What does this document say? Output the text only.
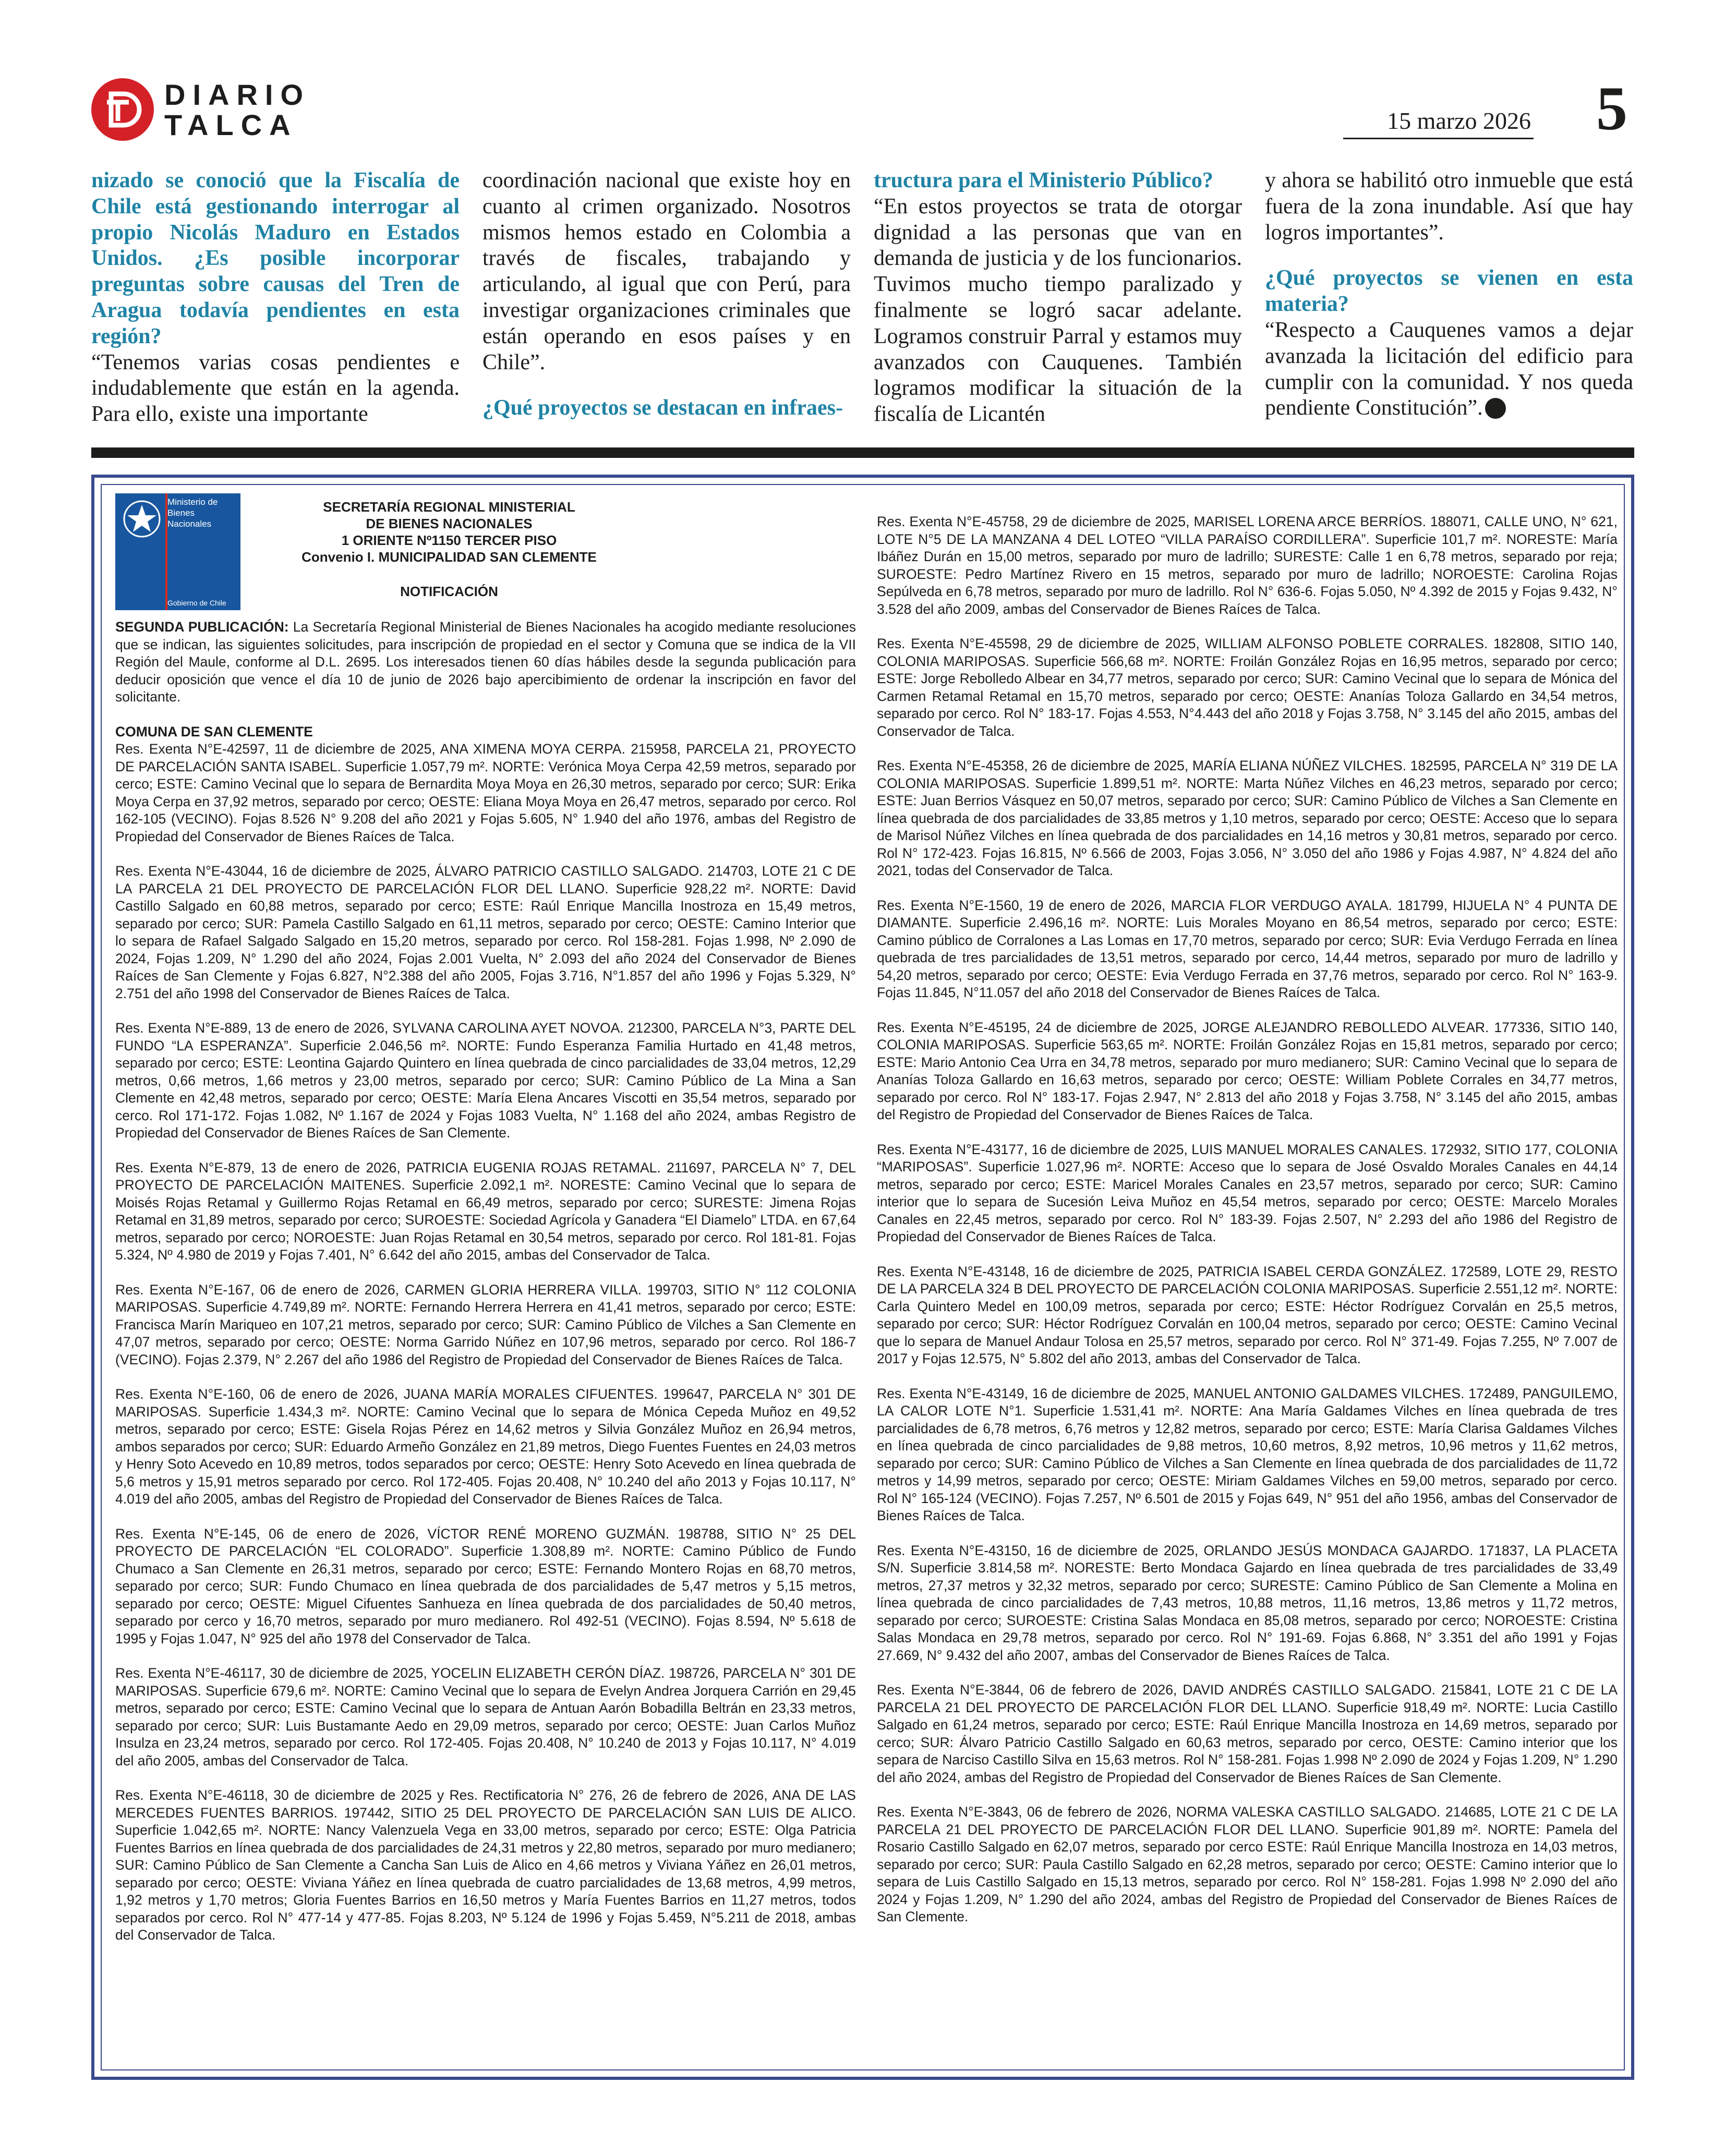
DIARIO
TALCA	15 marzo 2026 5

nizado se conoció que la Fiscalía de Chile está gestionando interrogar al propio Nicolás Maduro en Estados Unidos. ¿Es posible incorporar preguntas sobre causas del Tren de Aragua todavía pendientes en esta región?

“Tenemos varias cosas pendientes e indudablemente que están en la agenda. Para ello, existe una importante

coordinación nacional que existe hoy en cuanto al crimen organizado. Nosotros mismos hemos estado en Colombia a través de fiscales, trabajando y articulando, al igual que con Perú, para investigar organizaciones criminales que están operando en esos países y en Chile”.

¿Qué proyectos se destacan en infraes-

tructura para el Ministerio Público?

“En estos proyectos se trata de otorgar dignidad a las personas que van en demanda de justicia y de los funcionarios. Tuvimos mucho tiempo paralizado y finalmente se logró sacar adelante. Logramos construir Parral y estamos muy avanzados con Cauquenes. También logramos modificar la situación de la fiscalía de Licantén

y ahora se habilitó otro inmueble que está fuera de la zona inundable. Así que hay logros importantes”.

¿Qué proyectos se vienen en esta materia?

“Respecto a Cauquenes vamos a dejar avanzada la licitación del edificio para cumplir con la comunidad. Y nos queda pendiente Constitución”.

Ministerio de Bienes Nacionales
Gobierno de Chile
SECRETARÍA REGIONAL MINISTERIAL
DE BIENES NACIONALES
1 ORIENTE Nº1150 TERCER PISO
Convenio I. MUNICIPALIDAD SAN CLEMENTE
NOTIFICACIÓN

SEGUNDA PUBLICACIÓN: La Secretaría Regional Ministerial de Bienes Nacionales ha acogido mediante resoluciones que se indican, las siguientes solicitudes, para inscripción de propiedad en el sector y Comuna que se indica de la VII Región del Maule, conforme al D.L. 2695. Los interesados tienen 60 días hábiles desde la segunda publicación para deducir oposición que vence el día 10 de junio de 2026 bajo apercibimiento de ordenar la inscripción en favor del solicitante.

COMUNA DE SAN CLEMENTE

Res. Exenta N°E-42597, 11 de diciembre de 2025, ANA XIMENA MOYA CERPA. 215958, PARCELA 21, PROYECTO DE PARCELACIÓN SANTA ISABEL. Superficie 1.057,79 m². NORTE: Verónica Moya Cerpa 42,59 metros, separado por cerco; ESTE: Camino Vecinal que lo separa de Bernardita Moya Moya en 26,30 metros, separado por cerco; SUR: Erika Moya Cerpa en 37,92 metros, separado por cerco; OESTE: Eliana Moya Moya en 26,47 metros, separado por cerco. Rol 162-105 (VECINO). Fojas 8.526 N° 9.208 del año 2021 y Fojas 5.605, N° 1.940 del año 1976, ambas del Registro de Propiedad del Conservador de Bienes Raíces de Talca.

Res. Exenta N°E-43044, 16 de diciembre de 2025, ÁLVARO PATRICIO CASTILLO SALGADO. 214703, LOTE 21 C DE LA PARCELA 21 DEL PROYECTO DE PARCELACIÓN FLOR DEL LLANO. Superficie 928,22 m². NORTE: David Castillo Salgado en 60,88 metros, separado por cerco; ESTE: Raúl Enrique Mancilla Inostroza en 15,49 metros, separado por cerco; SUR: Pamela Castillo Salgado en 61,11 metros, separado por cerco; OESTE: Camino Interior que lo separa de Rafael Salgado Salgado en 15,20 metros, separado por cerco. Rol 158-281. Fojas 1.998, Nº 2.090 de 2024, Fojas 1.209, N° 1.290 del año 2024, Fojas 2.001 Vuelta, N° 2.093 del año 2024 del Conservador de Bienes Raíces de San Clemente y Fojas 6.827, N°2.388 del año 2005, Fojas 3.716, N°1.857 del año 1996 y Fojas 5.329, N° 2.751 del año 1998 del Conservador de Bienes Raíces de Talca.

Res. Exenta N°E-889, 13 de enero de 2026, SYLVANA CAROLINA AYET NOVOA. 212300, PARCELA N°3, PARTE DEL FUNDO “LA ESPERANZA”. Superficie 2.046,56 m². NORTE: Fundo Esperanza Familia Hurtado en 41,48 metros, separado por cerco; ESTE: Leontina Gajardo Quintero en línea quebrada de cinco parcialidades de 33,04 metros, 12,29 metros, 0,66 metros, 1,66 metros y 23,00 metros, separado por cerco; SUR: Camino Público de La Mina a San Clemente en 42,48 metros, separado por cerco; OESTE: María Elena Ancares Viscotti en 35,54 metros, separado por cerco. Rol 171-172. Fojas 1.082, Nº 1.167 de 2024 y Fojas 1083 Vuelta, N° 1.168 del año 2024, ambas Registro de Propiedad del Conservador de Bienes Raíces de San Clemente.

Res. Exenta N°E-879, 13 de enero de 2026, PATRICIA EUGENIA ROJAS RETAMAL. 211697, PARCELA N° 7, DEL PROYECTO DE PARCELACIÓN MAITENES. Superficie 2.092,1 m². NORESTE: Camino Vecinal que lo separa de Moisés Rojas Retamal y Guillermo Rojas Retamal en 66,49 metros, separado por cerco; SURESTE: Jimena Rojas Retamal en 31,89 metros, separado por cerco; SUROESTE: Sociedad Agrícola y Ganadera “El Diamelo” LTDA. en 67,64 metros, separado por cerco; NOROESTE: Juan Rojas Retamal en 30,54 metros, separado por cerco. Rol 181-81. Fojas 5.324, Nº 4.980 de 2019 y Fojas 7.401, N° 6.642 del año 2015, ambas del Conservador de Talca.

Res. Exenta N°E-167, 06 de enero de 2026, CARMEN GLORIA HERRERA VILLA. 199703, SITIO N° 112 COLONIA MARIPOSAS. Superficie 4.749,89 m². NORTE: Fernando Herrera Herrera en 41,41 metros, separado por cerco; ESTE: Francisca Marín Mariqueo en 107,21 metros, separado por cerco; SUR: Camino Público de Vilches a San Clemente en 47,07 metros, separado por cerco; OESTE: Norma Garrido Núñez en 107,96 metros, separado por cerco. Rol 186-7 (VECINO). Fojas 2.379, N° 2.267 del año 1986 del Registro de Propiedad del Conservador de Bienes Raíces de Talca.

Res. Exenta N°E-160, 06 de enero de 2026, JUANA MARÍA MORALES CIFUENTES. 199647, PARCELA N° 301 DE MARIPOSAS. Superficie 1.434,3 m². NORTE: Camino Vecinal que lo separa de Mónica Cepeda Muñoz en 49,52 metros, separado por cerco; ESTE: Gisela Rojas Pérez en 14,62 metros y Silvia González Muñoz en 26,94 metros, ambos separados por cerco; SUR: Eduardo Armeño González en 21,89 metros, Diego Fuentes Fuentes en 24,03 metros y Henry Soto Acevedo en 10,89 metros, todos separados por cerco; OESTE: Henry Soto Acevedo en línea quebrada de 5,6 metros y 15,91 metros separado por cerco. Rol 172-405. Fojas 20.408, N° 10.240 del año 2013 y Fojas 10.117, N° 4.019 del año 2005, ambas del Registro de Propiedad del Conservador de Bienes Raíces de Talca.

Res. Exenta N°E-145, 06 de enero de 2026, VÍCTOR RENÉ MORENO GUZMÁN. 198788, SITIO N° 25 DEL PROYECTO DE PARCELACIÓN “EL COLORADO”. Superficie 1.308,89 m². NORTE: Camino Público de Fundo Chumaco a San Clemente en 26,31 metros, separado por cerco; ESTE: Fernando Montero Rojas en 68,70 metros, separado por cerco; SUR: Fundo Chumaco en línea quebrada de dos parcialidades de 5,47 metros y 5,15 metros, separado por cerco; OESTE: Miguel Cifuentes Sanhueza en línea quebrada de dos parcialidades de 50,40 metros, separado por cerco y 16,70 metros, separado por muro medianero. Rol 492-51 (VECINO). Fojas 8.594, Nº 5.618 de 1995 y Fojas 1.047, N° 925 del año 1978 del Conservador de Talca.

Res. Exenta N°E-46117, 30 de diciembre de 2025, YOCELIN ELIZABETH CERÓN DÍAZ. 198726, PARCELA N° 301 DE MARIPOSAS. Superficie 679,6 m². NORTE: Camino Vecinal que lo separa de Evelyn Andrea Jorquera Carrión en 29,45 metros, separado por cerco; ESTE: Camino Vecinal que lo separa de Antuan Aarón Bobadilla Beltrán en 23,33 metros, separado por cerco; SUR: Luis Bustamante Aedo en 29,09 metros, separado por cerco; OESTE: Juan Carlos Muñoz Insulza en 23,24 metros, separado por cerco. Rol 172-405. Fojas 20.408, N° 10.240 de 2013 y Fojas 10.117, N° 4.019 del año 2005, ambas del Conservador de Talca.

Res. Exenta N°E-46118, 30 de diciembre de 2025 y Res. Rectificatoria N° 276, 26 de febrero de 2026, ANA DE LAS MERCEDES FUENTES BARRIOS. 197442, SITIO 25 DEL PROYECTO DE PARCELACIÓN SAN LUIS DE ALICO. Superficie 1.042,65 m². NORTE: Nancy Valenzuela Vega en 33,00 metros, separado por cerco; ESTE: Olga Patricia Fuentes Barrios en línea quebrada de dos parcialidades de 24,31 metros y 22,80 metros, separado por muro medianero; SUR: Camino Público de San Clemente a Cancha San Luis de Alico en 4,66 metros y Viviana Yáñez en 26,01 metros, separado por cerco; OESTE: Viviana Yáñez en línea quebrada de cuatro parcialidades de 13,68 metros, 4,99 metros, 1,92 metros y 1,70 metros; Gloria Fuentes Barrios en 16,50 metros y María Fuentes Barrios en 11,27 metros, todos separados por cerco. Rol N° 477-14 y 477-85. Fojas 8.203, Nº 5.124 de 1996 y Fojas 5.459, N°5.211 de 2018, ambas del Conservador de Talca.

Res. Exenta N°E-45758, 29 de diciembre de 2025, MARISEL LORENA ARCE BERRÍOS. 188071, CALLE UNO, N° 621, LOTE N°5 DE LA MANZANA 4 DEL LOTEO “VILLA PARAÍSO CORDILLERA”. Superficie 101,7 m². NORESTE: María Ibáñez Durán en 15,00 metros, separado por muro de ladrillo; SURESTE: Calle 1 en 6,78 metros, separado por reja; SUROESTE: Pedro Martínez Rivero en 15 metros, separado por muro de ladrillo; NOROESTE: Carolina Rojas Sepúlveda en 6,78 metros, separado por muro de ladrillo. Rol N° 636-6. Fojas 5.050, Nº 4.392 de 2015 y Fojas 9.432, N° 3.528 del año 2009, ambas del Conservador de Bienes Raíces de Talca.

Res. Exenta N°E-45598, 29 de diciembre de 2025, WILLIAM ALFONSO POBLETE CORRALES. 182808, SITIO 140, COLONIA MARIPOSAS. Superficie 566,68 m². NORTE: Froilán González Rojas en 16,95 metros, separado por cerco; ESTE: Jorge Rebolledo Albear en 34,77 metros, separado por cerco; SUR: Camino Vecinal que lo separa de Mónica del Carmen Retamal Retamal en 15,70 metros, separado por cerco; OESTE: Ananías Toloza Gallardo en 34,54 metros, separado por cerco. Rol N° 183-17. Fojas 4.553, N°4.443 del año 2018 y Fojas 3.758, N° 3.145 del año 2015, ambas del Conservador de Talca.

Res. Exenta N°E-45358, 26 de diciembre de 2025, MARÍA ELIANA NÚÑEZ VILCHES. 182595, PARCELA N° 319 DE LA COLONIA MARIPOSAS. Superficie 1.899,51 m². NORTE: Marta Núñez Vilches en 46,23 metros, separado por cerco; ESTE: Juan Berrios Vásquez en 50,07 metros, separado por cerco; SUR: Camino Público de Vilches a San Clemente en línea quebrada de dos parcialidades de 33,85 metros y 1,10 metros, separado por cerco; OESTE: Acceso que lo separa de Marisol Núñez Vilches en línea quebrada de dos parcialidades en 14,16 metros y 30,81 metros, separado por cerco. Rol N° 172-423. Fojas 16.815, Nº 6.566 de 2003, Fojas 3.056, N° 3.050 del año 1986 y Fojas 4.987, N° 4.824 del año 2021, todas del Conservador de Talca.

Res. Exenta N°E-1560, 19 de enero de 2026, MARCIA FLOR VERDUGO AYALA. 181799, HIJUELA N° 4 PUNTA DE DIAMANTE. Superficie 2.496,16 m². NORTE: Luis Morales Moyano en 86,54 metros, separado por cerco; ESTE: Camino público de Corralones a Las Lomas en 17,70 metros, separado por cerco; SUR: Evia Verdugo Ferrada en línea quebrada de tres parcialidades de 13,51 metros, separado por cerco, 14,44 metros, separado por muro de ladrillo y 54,20 metros, separado por cerco; OESTE: Evia Verdugo Ferrada en 37,76 metros, separado por cerco. Rol N° 163-9. Fojas 11.845, N°11.057 del año 2018 del Conservador de Bienes Raíces de Talca.

Res. Exenta N°E-45195, 24 de diciembre de 2025, JORGE ALEJANDRO REBOLLEDO ALVEAR. 177336, SITIO 140, COLONIA MARIPOSAS. Superficie 563,65 m². NORTE: Froilán González Rojas en 15,81 metros, separado por cerco; ESTE: Mario Antonio Cea Urra en 34,78 metros, separado por muro medianero; SUR: Camino Vecinal que lo separa de Ananías Toloza Gallardo en 16,63 metros, separado por cerco; OESTE: William Poblete Corrales en 34,77 metros, separado por cerco. Rol N° 183-17. Fojas 2.947, N° 2.813 del año 2018 y Fojas 3.758, N° 3.145 del año 2015, ambas del Registro de Propiedad del Conservador de Bienes Raíces de Talca.

Res. Exenta N°E-43177, 16 de diciembre de 2025, LUIS MANUEL MORALES CANALES. 172932, SITIO 177, COLONIA “MARIPOSAS”. Superficie 1.027,96 m². NORTE: Acceso que lo separa de José Osvaldo Morales Canales en 44,14 metros, separado por cerco; ESTE: Maricel Morales Canales en 23,57 metros, separado por cerco; SUR: Camino interior que lo separa de Sucesión Leiva Muñoz en 45,54 metros, separado por cerco; OESTE: Marcelo Morales Canales en 22,45 metros, separado por cerco. Rol N° 183-39. Fojas 2.507, N° 2.293 del año 1986 del Registro de Propiedad del Conservador de Bienes Raíces de Talca.

Res. Exenta N°E-43148, 16 de diciembre de 2025, PATRICIA ISABEL CERDA GONZÁLEZ. 172589, LOTE 29, RESTO DE LA PARCELA 324 B DEL PROYECTO DE PARCELACIÓN COLONIA MARIPOSAS. Superficie 2.551,12 m². NORTE: Carla Quintero Medel en 100,09 metros, separada por cerco; ESTE: Héctor Rodríguez Corvalán en 25,5 metros, separado por cerco; SUR: Héctor Rodríguez Corvalán en 100,04 metros, separado por cerco; OESTE: Camino Vecinal que lo separa de Manuel Andaur Tolosa en 25,57 metros, separado por cerco. Rol N° 371-49. Fojas 7.255, Nº 7.007 de 2017 y Fojas 12.575, N° 5.802 del año 2013, ambas del Conservador de Talca.

Res. Exenta N°E-43149, 16 de diciembre de 2025, MANUEL ANTONIO GALDAMES VILCHES. 172489, PANGUILEMO, LA CALOR LOTE N°1. Superficie 1.531,41 m². NORTE: Ana María Galdames Vilches en línea quebrada de tres parcialidades de 6,78 metros, 6,76 metros y 12,82 metros, separado por cerco; ESTE: María Clarisa Galdames Vilches en línea quebrada de cinco parcialidades de 9,88 metros, 10,60 metros, 8,92 metros, 10,96 metros y 11,62 metros, separado por cerco; SUR: Camino Público de Vilches a San Clemente en línea quebrada de dos parcialidades de 11,72 metros y 14,99 metros, separado por cerco; OESTE: Miriam Galdames Vilches en 59,00 metros, separado por cerco. Rol N° 165-124 (VECINO). Fojas 7.257, Nº 6.501 de 2015 y Fojas 649, N° 951 del año 1956, ambas del Conservador de Bienes Raíces de Talca.

Res. Exenta N°E-43150, 16 de diciembre de 2025, ORLANDO JESÚS MONDACA GAJARDO. 171837, LA PLACETA S/N. Superficie 3.814,58 m². NORESTE: Berto Mondaca Gajardo en línea quebrada de tres parcialidades de 33,49 metros, 27,37 metros y 32,32 metros, separado por cerco; SURESTE: Camino Público de San Clemente a Molina en línea quebrada de cinco parcialidades de 7,43 metros, 10,88 metros, 11,16 metros, 13,86 metros y 11,72 metros, separado por cerco; SUROESTE: Cristina Salas Mondaca en 85,08 metros, separado por cerco; NOROESTE: Cristina Salas Mondaca en 29,78 metros, separado por cerco. Rol N° 191-69. Fojas 6.868, N° 3.351 del año 1991 y Fojas 27.669, N° 9.432 del año 2007, ambas del Conservador de Bienes Raíces de Talca.

Res. Exenta N°E-3844, 06 de febrero de 2026, DAVID ANDRÉS CASTILLO SALGADO. 215841, LOTE 21 C DE LA PARCELA 21 DEL PROYECTO DE PARCELACIÓN FLOR DEL LLANO. Superficie 918,49 m². NORTE: Lucia Castillo Salgado en 61,24 metros, separado por cerco; ESTE: Raúl Enrique Mancilla Inostroza en 14,69 metros, separado por cerco; SUR: Álvaro Patricio Castillo Salgado en 60,63 metros, separado por cerco, OESTE: Camino interior que los separa de Narciso Castillo Silva en 15,63 metros. Rol N° 158-281. Fojas 1.998 Nº 2.090 de 2024 y Fojas 1.209, N° 1.290 del año 2024, ambas del Registro de Propiedad del Conservador de Bienes Raíces de San Clemente.

Res. Exenta N°E-3843, 06 de febrero de 2026, NORMA VALESKA CASTILLO SALGADO. 214685, LOTE 21 C DE LA PARCELA 21 DEL PROYECTO DE PARCELACIÓN FLOR DEL LLANO. Superficie 901,89 m². NORTE: Pamela del Rosario Castillo Salgado en 62,07 metros, separado por cerco ESTE: Raúl Enrique Mancilla Inostroza en 14,03 metros, separado por cerco; SUR: Paula Castillo Salgado en 62,28 metros, separado por cerco; OESTE: Camino interior que lo separa de Luis Castillo Salgado en 15,13 metros, separado por cerco. Rol N° 158-281. Fojas 1.998 Nº 2.090 del año 2024 y Fojas 1.209, N° 1.290 del año 2024, ambas del Registro de Propiedad del Conservador de Bienes Raíces de San Clemente.
